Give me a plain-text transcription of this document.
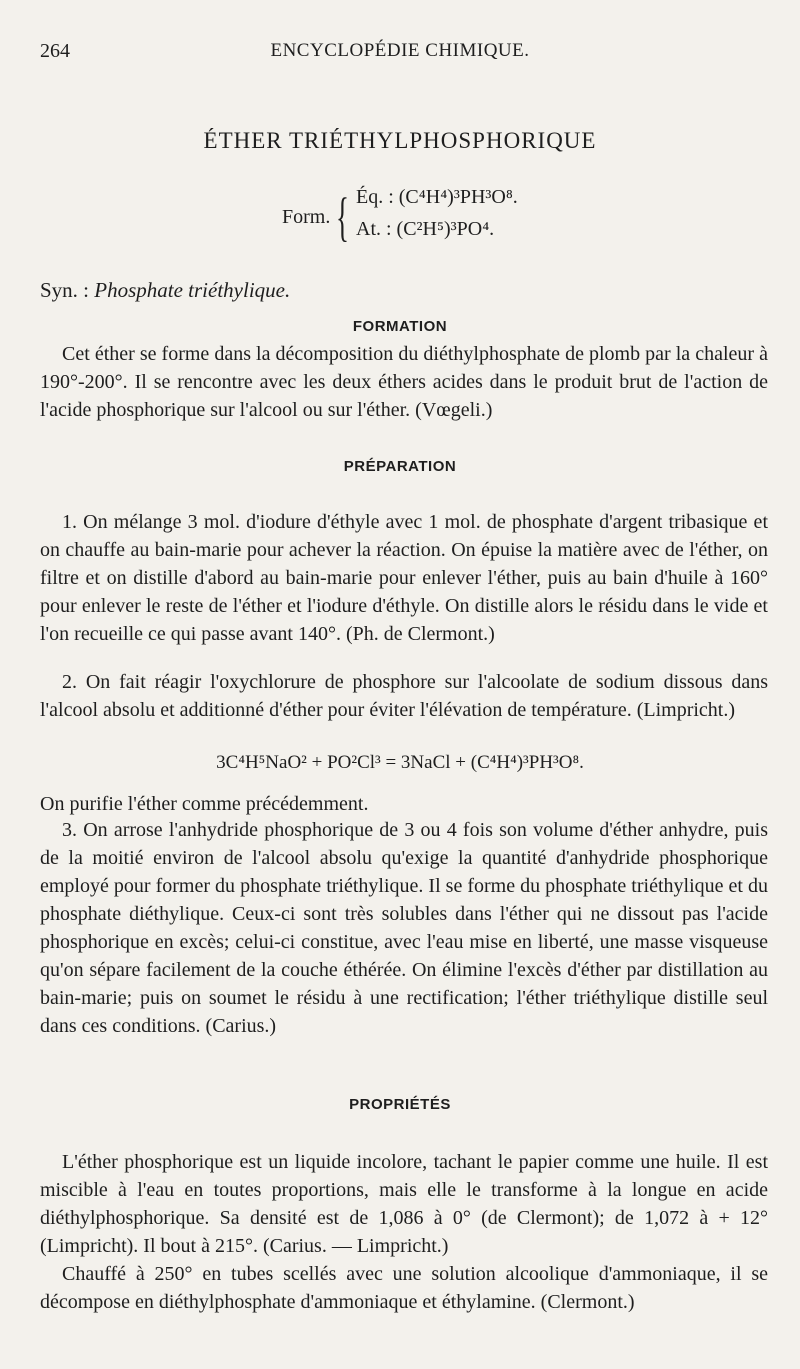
264	ENCYCLOPÉDIE CHIMIQUE.
ÉTHER TRIÉTHYLPHOSPHORIQUE
Form. { Éq. : (C⁴H⁴)³PH³O⁸.
At. : (C²H⁵)³PO⁴.
Syn. : Phosphate triéthylique.
FORMATION
Cet éther se forme dans la décomposition du diéthylphosphate de plomb par la chaleur à 190°-200°. Il se rencontre avec les deux éthers acides dans le produit brut de l'action de l'acide phosphorique sur l'alcool ou sur l'éther. (Vœgeli.)
PRÉPARATION
1. On mélange 3 mol. d'iodure d'éthyle avec 1 mol. de phosphate d'argent tribasique et on chauffe au bain-marie pour achever la réaction. On épuise la matière avec de l'éther, on filtre et on distille d'abord au bain-marie pour enlever l'éther, puis au bain d'huile à 160° pour enlever le reste de l'éther et l'iodure d'éthyle. On distille alors le résidu dans le vide et l'on recueille ce qui passe avant 140°. (Ph. de Clermont.)
2. On fait réagir l'oxychlorure de phosphore sur l'alcoolate de sodium dissous dans l'alcool absolu et additionné d'éther pour éviter l'élévation de température. (Limpricht.)
3C⁴H⁵NaO² + PO²Cl³ = 3NaCl + (C⁴H⁴)³PH³O⁸.
On purifie l'éther comme précédemment.
3. On arrose l'anhydride phosphorique de 3 ou 4 fois son volume d'éther anhydre, puis de la moitié environ de l'alcool absolu qu'exige la quantité d'anhydride phosphorique employé pour former du phosphate triéthylique. Il se forme du phosphate triéthylique et du phosphate diéthylique. Ceux-ci sont très solubles dans l'éther qui ne dissout pas l'acide phosphorique en excès; celui-ci constitue, avec l'eau mise en liberté, une masse visqueuse qu'on sépare facilement de la couche éthérée. On élimine l'excès d'éther par distillation au bain-marie; puis on soumet le résidu à une rectification; l'éther triéthylique distille seul dans ces conditions. (Carius.)
PROPRIÉTÉS
L'éther phosphorique est un liquide incolore, tachant le papier comme une huile. Il est miscible à l'eau en toutes proportions, mais elle le transforme à la longue en acide diéthylphosphorique. Sa densité est de 1,086 à 0° (de Clermont); de 1,072 à + 12° (Limpricht). Il bout à 215°. (Carius. — Limpricht.)
Chauffé à 250° en tubes scellés avec une solution alcoolique d'ammoniaque, il se décompose en diéthylphosphate d'ammoniaque et éthylamine. (Clermont.)
